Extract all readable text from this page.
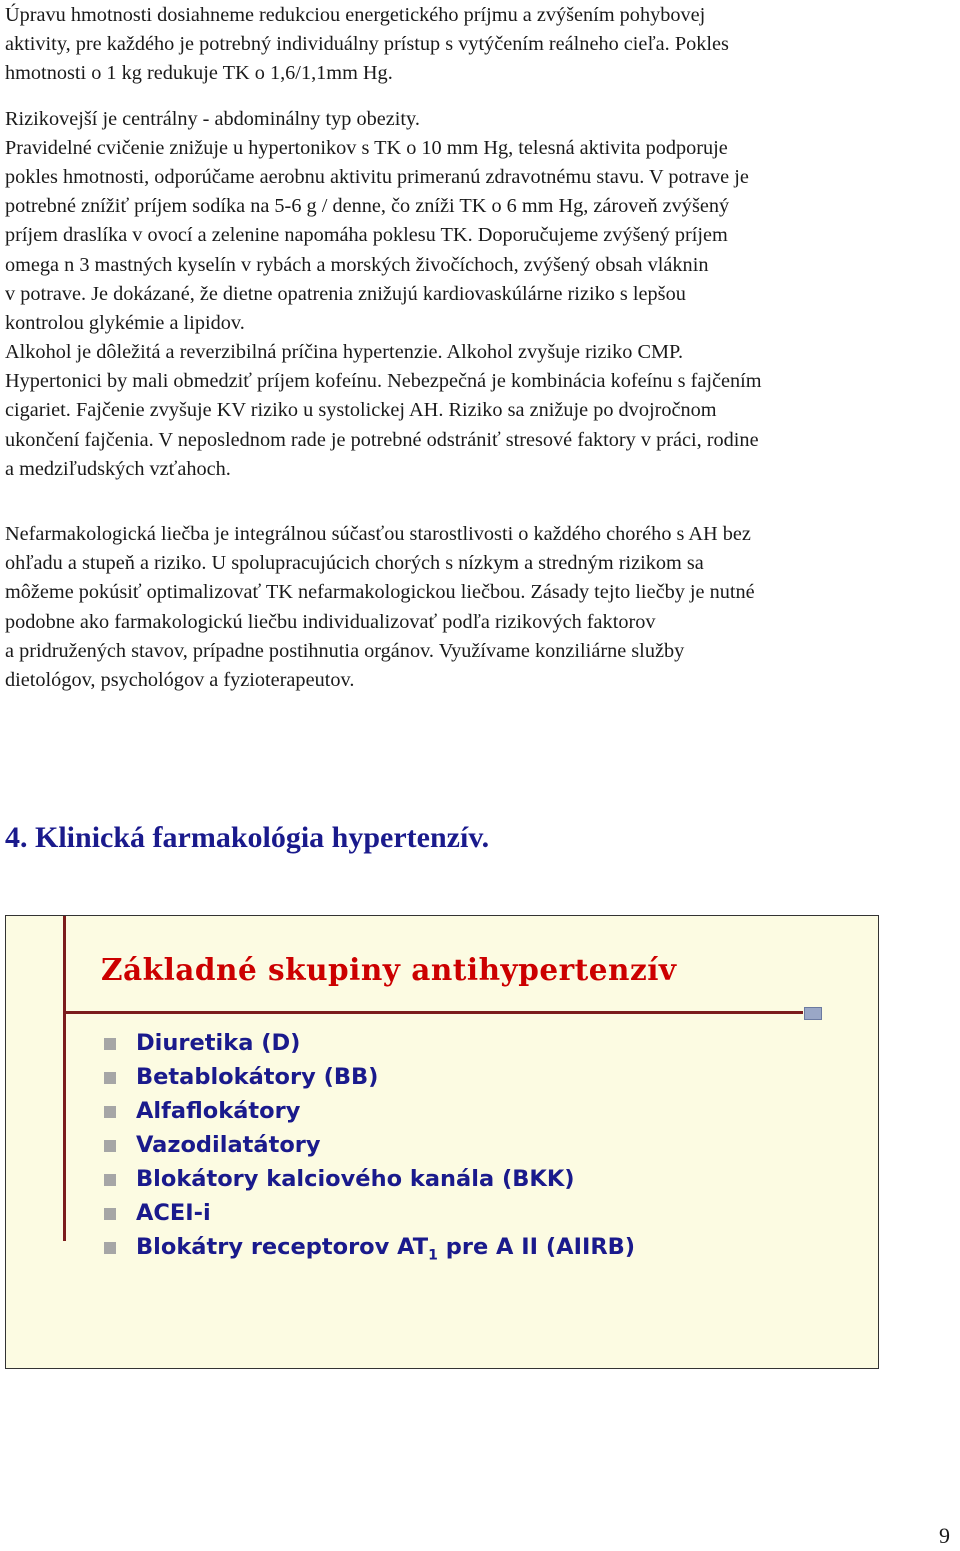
Úpravu hmotnosti dosiahneme redukciou energetického príjmu a zvýšením pohybovej
aktivity, pre každého je potrebný individuálny prístup s vytýčením reálneho cieľa. Pokles
hmotnosti o 1 kg redukuje TK o 1,6/1,1mm Hg.
Rizikovejší je centrálny - abdominálny typ obezity.
Pravidelné cvičenie znižuje u hypertonikov s TK o 10 mm Hg, telesná aktivita podporuje
pokles hmotnosti, odporúčame aerobnu aktivitu primeranú zdravotnému stavu. V potrave je
potrebné znížiť príjem sodíka na 5-6 g / denne, čo zníži TK o 6 mm Hg, zároveň zvýšený
príjem draslíka v ovocí a zelenine napomáha poklesu TK. Doporučujeme zvýšený príjem
omega n 3 mastných kyselín v rybách a morských živočíchoch, zvýšený obsah vláknin
v potrave. Je dokázané, že dietne opatrenia znižujú kardiovaskúlárne riziko s lepšou
kontrolou glykémie a lipidov.
Alkohol je dôležitá a reverzibilná príčina hypertenzie. Alkohol zvyšuje riziko CMP.
Hypertonici by mali obmedziť príjem kofeínu. Nebezpečná je kombinácia kofeínu s fajčením
cigariet. Fajčenie zvyšuje KV riziko u systolickej AH. Riziko sa znižuje po dvojročnom
ukončení fajčenia. V neposlednom rade je potrebné odstrániť stresové faktory v práci, rodine
a medziľudských vzťahoch.
Nefarmakologická liečba je integrálnou súčasťou starostlivosti o každého chorého s AH bez
ohľadu a stupeň a riziko. U spolupracujúcich chorých s nízkym a stredným rizikom sa
môžeme pokúsiť optimalizovať TK nefarmakologickou liečbou. Zásady tejto liečby je nutné
podobne ako farmakologickú liečbu individualizovať podľa rizikových faktorov
a pridružených stavov, prípadne postihnutia orgánov. Využívame konziliárne služby
dietológov, psychológov a fyzioterapeutov.
4. Klinická farmakológia hypertenzív.
Základné skupiny antihypertenzív
Diuretika (D)
Betablokátory (BB)
Alfaflokátory
Vazodilatátory
Blokátory kalciového kanála (BKK)
ACEI-i
Blokátry receptorov $AT_1$ pre A II (AIIRB)
9
